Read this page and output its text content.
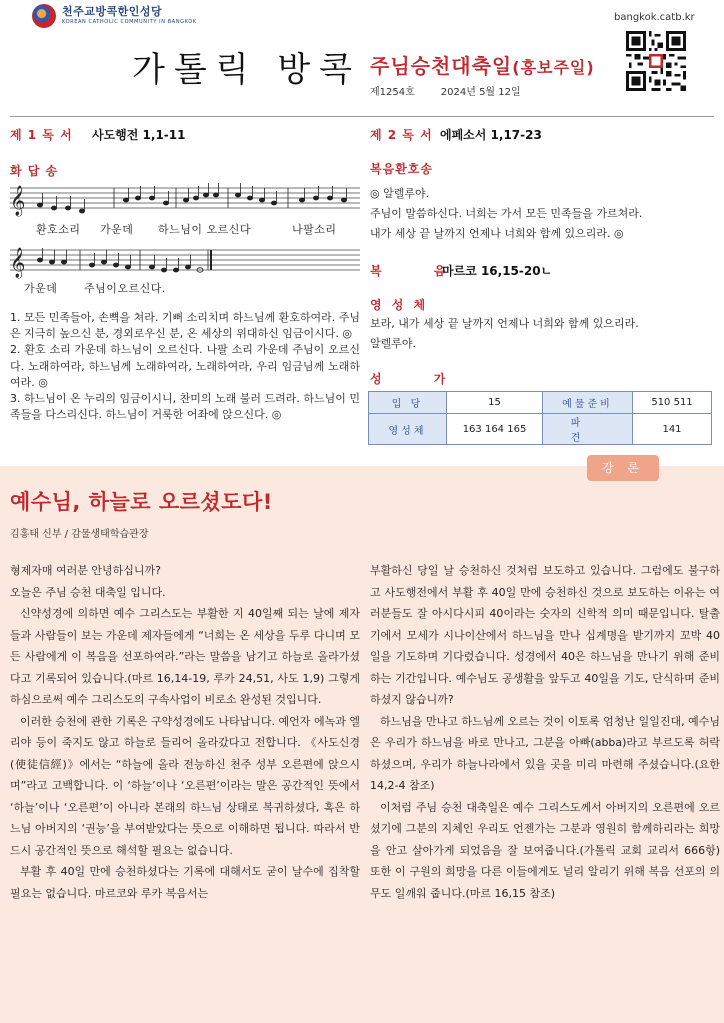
천주교방콕한인성당
KOREAN CATHOLIC COMMUNITY IN BANGKOK	bangkok.catb.kr
가톨릭 방콕 주님승천대축일(홍보주일)
제1254호	2024년 5월 12일
제 1 독 서 사도행전 1,1-11
화 답 송
𝄞
환호소리 가운데 하느님이 오르신다	나팔소리
𝄞
가운데 주님이오르신다.
1. 모든 민족들아, 손뼉을 쳐라. 기뻐 소리치며 하느님께 환호하여라. 주님은 지극히 높으신 분, 경외로우신 분, 온 세상의 위대하신 임금이시다. ◎
2. 환호 소리 가운데 하느님이 오르신다. 나팔 소리 가운데 주님이 오르신다. 노래하여라, 하느님께 노래하여라, 노래하여라, 우리 임금님께 노래하여라. ◎
3. 하느님이 온 누리의 임금이시니, 찬미의 노래 불러 드려라. 하느님이 민족들을 다스리신다. 하느님이 거룩한 어좌에 앉으신다. ◎
제 2 독 서 에페소서 1,17-23
복음환호송
◎ 알렐루야.
주님이 말씀하신다. 너희는 가서 모든 민족들을 가르쳐라.
내가 세상 끝 날까지 언제나 너희와 함께 있으리라. ◎
복 음
마르코 16,15-20ㄴ
영 성 체
보라, 내가 세상 끝 날까지 언제나 너희와 함께 있으리라.
알렐루야.
성 가
입 당	15	예물준비	510 511
영성체	163 164 165	파 견	141
강 론
예수님, 하늘로 오르셨도다!
김홍태 신부 / 감물생태학습관장

형제자매 여러분 안녕하십니까?

오늘은 주님 승천 대축일 입니다.

신약성경에 의하면 예수 그리스도는 부활한 지 40일째 되는 날에 제자들과 사람들이 보는 가운데 제자들에게 “너희는 온 세상을 두루 다니며 모든 사람에게 이 복음을 선포하여라.”라는 말씀을 남기고 하늘로 올라가셨다고 기록되어 있습니다.(마르 16,14-19, 루카 24,51, 사도 1,9) 그렇게 하심으로써 예수 그리스도의 구속사업이 비로소 완성된 것입니다.

이러한 승천에 관한 기록은 구약성경에도 나타납니다. 예언자 에녹과 엘리야 등이 죽지도 않고 하늘로 들리어 올라갔다고 전합니다. 《사도신경(使徒信經)》에서는 “하늘에 올라 전능하신 천주 성부 오른편에 앉으시며”라고 고백합니다. 이 ‘하늘’이나 ‘오른편’이라는 말은 공간적인 뜻에서 ‘하늘’이나 ‘오른편’이 아니라 본래의 하느님 상태로 복귀하셨다, 혹은 하느님 아버지의 ‘권능’을 부여받았다는 뜻으로 이해하면 됩니다. 따라서 반드시 공간적인 뜻으로 해석할 필요는 없습니다.

부활 후 40일 만에 승천하셨다는 기록에 대해서도 굳이 날수에 집착할 필요는 없습니다. 마르코와 루카 복음서는

부활하신 당일 날 승천하신 것처럼 보도하고 있습니다. 그럼에도 불구하고 사도행전에서 부활 후 40일 만에 승천하신 것으로 보도하는 이유는 여러분들도 잘 아시다시피 40이라는 숫자의 신학적 의미 때문입니다. 탈출기에서 모세가 시나이산에서 하느님을 만나 십계명을 받기까지 꼬박 40일을 기도하며 기다렸습니다. 성경에서 40은 하느님을 만나기 위해 준비하는 기간입니다. 예수님도 공생활을 앞두고 40일을 기도, 단식하며 준비하셨지 않습니까?

하느님을 만나고 하느님께 오르는 것이 이토록 엄청난 일일진대, 예수님은 우리가 하느님을 바로 만나고, 그분을 아빠(abba)라고 부르도록 허락하셨으며, 우리가 하늘나라에서 있을 곳을 미리 마련해 주셨습니다.(요한 14,2-4 참조)

이처럼 주님 승천 대축일은 예수 그리스도께서 아버지의 오른편에 오르셨기에 그분의 지체인 우리도 언젠가는 그분과 영원히 함께하리라는 희망을 안고 살아가게 되었음을 잘 보여줍니다.(가톨릭 교회 교리서 666항) 또한 이 구원의 희망을 다른 이들에게도 널리 알리기 위해 복음 선포의 의무도 일깨워 줍니다.(마르 16,15 참조)
